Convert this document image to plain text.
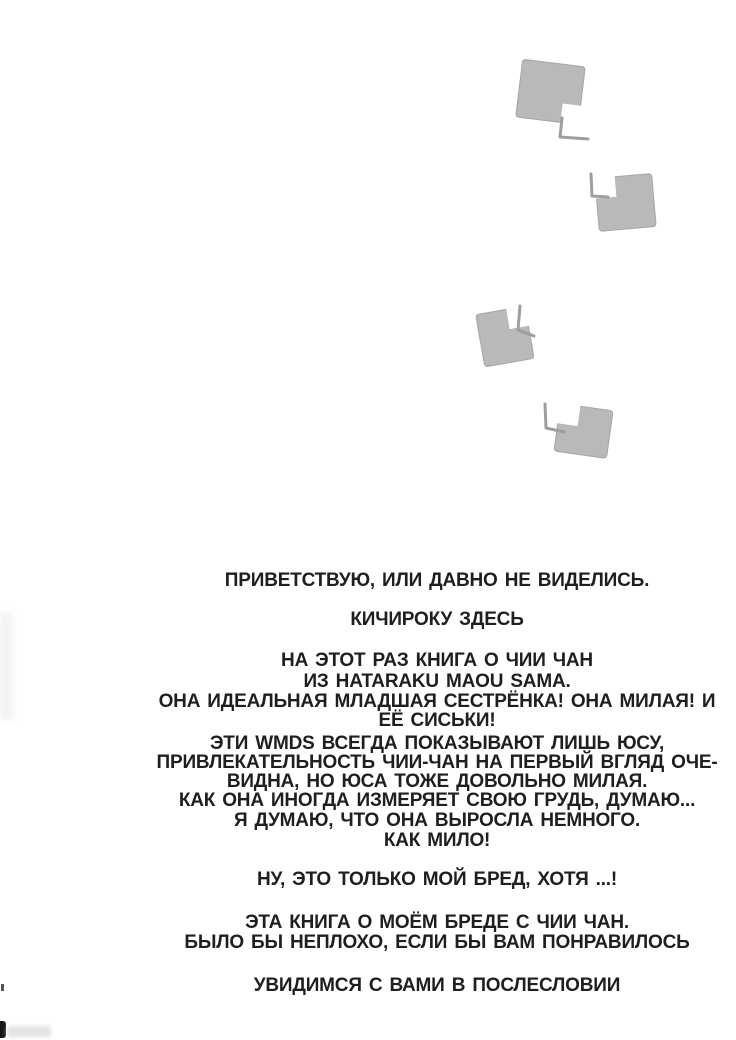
ПРИВЕТСТВУЮ, ИЛИ ДАВНО НЕ ВИДЕЛИСЬ.
КИЧИРОКУ ЗДЕСЬ
НА ЭТОТ РАЗ КНИГА О ЧИИ ЧАН
ИЗ HATARAKU MAOU SAMA.
ОНА ИДЕАЛЬНАЯ МЛАДШАЯ СЕСТРЁНКА! ОНА МИЛАЯ! И
ЕЁ СИСЬКИ!
ЭТИ WMDS ВСЕГДА ПОКАЗЫВАЮТ ЛИШЬ ЮСУ,
ПРИВЛЕКАТЕЛЬНОСТЬ ЧИИ-ЧАН НА ПЕРВЫЙ ВГЛЯД ОЧЕ-
ВИДНА, НО ЮСА ТОЖЕ ДОВОЛЬНО МИЛАЯ.
КАК ОНА ИНОГДА ИЗМЕРЯЕТ СВОЮ ГРУДЬ, ДУМАЮ...
Я ДУМАЮ, ЧТО ОНА ВЫРОСЛА НЕМНОГО.
КАК МИЛО!
НУ, ЭТО ТОЛЬКО МОЙ БРЕД, ХОТЯ ...!
ЭТА КНИГА О МОЁМ БРЕДЕ С ЧИИ ЧАН.
БЫЛО БЫ НЕПЛОХО, ЕСЛИ БЫ ВАМ ПОНРАВИЛОСЬ
УВИДИМСЯ С ВАМИ В ПОСЛЕСЛОВИИ
